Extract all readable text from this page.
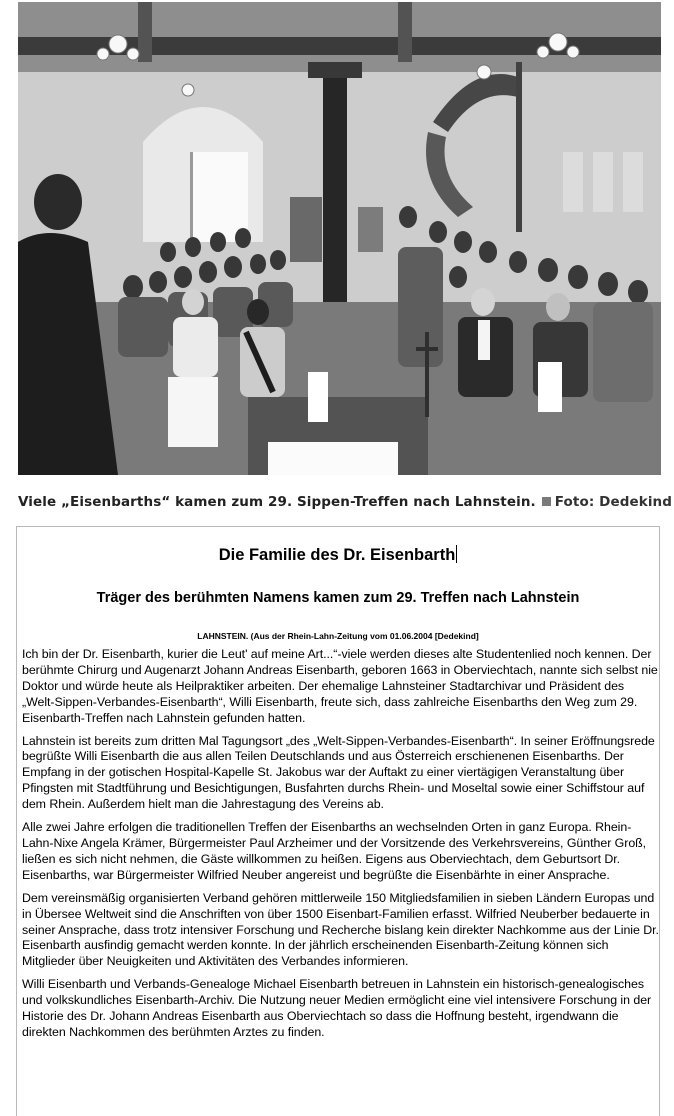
Viele „Eisenbarths“ kamen zum 29. Sippen-Treffen nach Lahnstein. Foto: Dedekind
Die Familie des Dr. Eisenbarth
Träger des berühmten Namens kamen zum 29. Treffen nach Lahnstein
LAHNSTEIN. (Aus der Rhein-Lahn-Zeitung vom 01.06.2004 [Dedekind]

Ich bin der Dr. Eisenbarth, kurier die Leut' auf meine Art...“-viele werden dieses alte Studentenlied noch kennen. Der berühmte Chirurg und Augenarzt Johann Andreas Eisenbarth, geboren 1663 in Oberviechtach, nannte sich selbst nie Doktor und würde heute als Heilpraktiker arbeiten. Der ehemalige Lahnsteiner Stadtarchivar und Präsident des „Welt-Sippen-Verbandes-Eisenbarth“, Willi Eisenbarth, freute sich, dass zahlreiche Eisenbarths den Weg zum 29. Eisenbarth-Treffen nach Lahnstein gefunden hatten.

Lahnstein ist bereits zum dritten Mal Tagungsort „des „Welt-Sippen-Verbandes-Eisenbarth“. In seiner Eröffnungsrede begrüßte Willi Eisenbarth die aus allen Teilen Deutschlands und aus Österreich erschienenen Eisenbarths. Der Empfang in der gotischen Hospital-Kapelle St. Jakobus war der Auftakt zu einer viertägigen Veranstaltung über Pfingsten mit Stadtführung und Besichtigungen, Busfahrten durchs Rhein- und Moseltal sowie einer Schiffstour auf dem Rhein. Außerdem hielt man die Jahrestagung des Vereins ab.

Alle zwei Jahre erfolgen die traditionellen Treffen der Eisenbarths an wechselnden Orten in ganz Europa. Rhein-Lahn-Nixe Angela Krämer, Bürgermeister Paul Arzheimer und der Vorsitzende des Verkehrsvereins, Günther Groß, ließen es sich nicht nehmen, die Gäste willkommen zu heißen. Eigens aus Oberviechtach, dem Geburtsort Dr. Eisenbarths, war Bürgermeister Wilfried Neuber angereist und begrüßte die Eisenbärhte in einer Ansprache.

Dem vereinsmäßig organisierten Verband gehören mittlerweile 150 Mitgliedsfamilien in sieben Ländern Europas und in Übersee Weltweit sind die Anschriften von über 1500 Eisenbart-Familien erfasst. Wilfried Neuberber bedauerte in seiner Ansprache, dass trotz intensiver Forschung und Recherche bislang kein direkter Nachkomme aus der Linie Dr. Eisenbarth ausfindig gemacht werden konnte. In der jährlich erscheinenden Eisenbarth-Zeitung können sich Mitglieder über Neuigkeiten und Aktivitäten des Verbandes informieren.

Willi Eisenbarth und Verbands-Genealoge Michael Eisenbarth betreuen in Lahnstein ein historisch-genealogisches und volkskundliches Eisenbarth-Archiv. Die Nutzung neuer Medien ermöglicht eine viel intensivere Forschung in der Historie des Dr. Johann Andreas Eisenbarth aus Oberviechtach so dass die Hoffnung besteht, irgendwann die direkten Nachkommen des berühmten Arztes zu finden.
